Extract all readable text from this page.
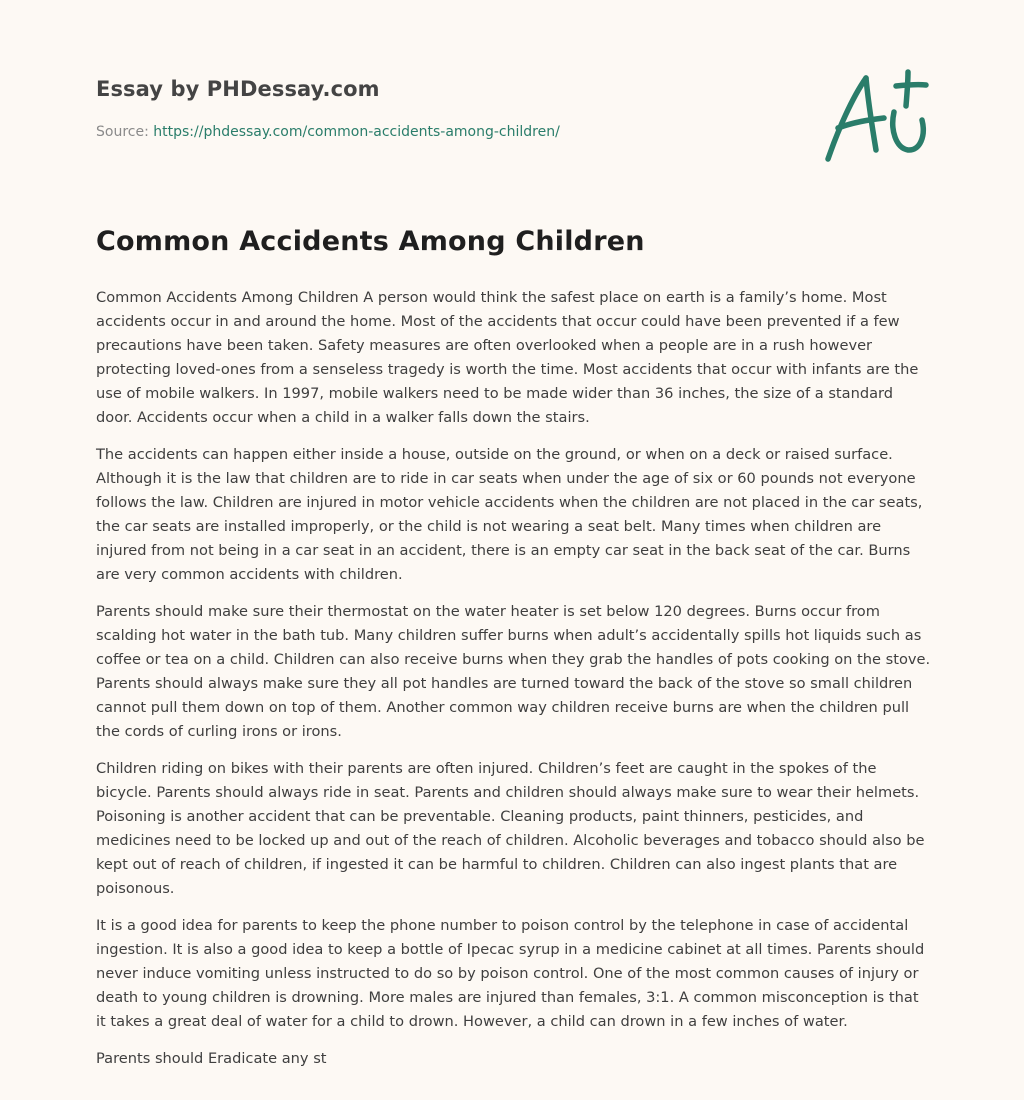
Essay by PHDessay.com
Source: https://phdessay.com/common-accidents-among-children/
Common Accidents Among Children

Common Accidents Among Children A person would think the safest place on earth is a family’s home. Most accidents occur in and around the home. Most of the accidents that occur could have been prevented if a few precautions have been taken. Safety measures are often overlooked when a people are in a rush however protecting loved-ones from a senseless tragedy is worth the time. Most accidents that occur with infants are the use of mobile walkers. In 1997, mobile walkers need to be made wider than 36 inches, the size of a standard door. Accidents occur when a child in a walker falls down the stairs.

The accidents can happen either inside a house, outside on the ground, or when on a deck or raised surface. Although it is the law that children are to ride in car seats when under the age of six or 60 pounds not everyone follows the law. Children are injured in motor vehicle accidents when the children are not placed in the car seats, the car seats are installed improperly, or the child is not wearing a seat belt. Many times when children are injured from not being in a car seat in an accident, there is an empty car seat in the back seat of the car. Burns are very common accidents with children.

Parents should make sure their thermostat on the water heater is set below 120 degrees. Burns occur from scalding hot water in the bath tub. Many children suffer burns when adult’s accidentally spills hot liquids such as coffee or tea on a child. Children can also receive burns when they grab the handles of pots cooking on the stove. Parents should always make sure they all pot handles are turned toward the back of the stove so small children cannot pull them down on top of them. Another common way children receive burns are when the children pull the cords of curling irons or irons.

Children riding on bikes with their parents are often injured. Children’s feet are caught in the spokes of the bicycle. Parents should always ride in seat. Parents and children should always make sure to wear their helmets. Poisoning is another accident that can be preventable. Cleaning products, paint thinners, pesticides, and medicines need to be locked up and out of the reach of children. Alcoholic beverages and tobacco should also be kept out of reach of children, if ingested it can be harmful to children. Children can also ingest plants that are poisonous.

It is a good idea for parents to keep the phone number to poison control by the telephone in case of accidental ingestion. It is also a good idea to keep a bottle of Ipecac syrup in a medicine cabinet at all times. Parents should never induce vomiting unless instructed to do so by poison control. One of the most common causes of injury or death to young children is drowning. More males are injured than females, 3:1. A common misconception is that it takes a great deal of water for a child to drown. However, a child can drown in a few inches of water.

Parents should Eradicate any st
